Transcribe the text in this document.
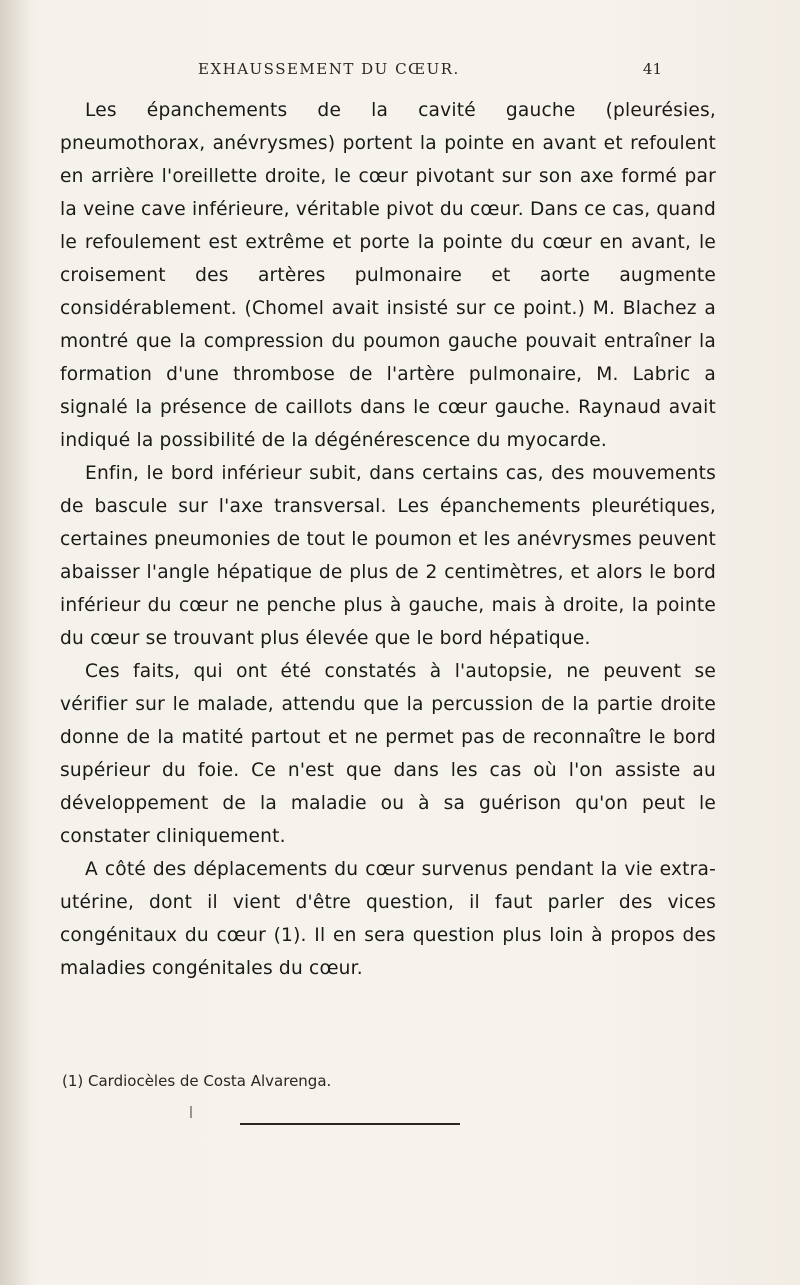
EXHAUSSEMENT DU CŒUR.	41

Les épanchements de la cavité gauche (pleurésies, pneumothorax, anévrysmes) portent la pointe en avant et refoulent en arrière l'oreillette droite, le cœur pivotant sur son axe formé par la veine cave inférieure, véritable pivot du cœur. Dans ce cas, quand le refoulement est extrême et porte la pointe du cœur en avant, le croisement des artères pulmonaire et aorte augmente considérablement. (Chomel avait insisté sur ce point.) M. Blachez a montré que la compression du poumon gauche pouvait entraîner la formation d'une thrombose de l'artère pulmonaire, M. Labric a signalé la présence de caillots dans le cœur gauche. Raynaud avait indiqué la possibilité de la dégénérescence du myocarde.

Enfin, le bord inférieur subit, dans certains cas, des mouvements de bascule sur l'axe transversal. Les épanchements pleurétiques, certaines pneumonies de tout le poumon et les anévrysmes peuvent abaisser l'angle hépatique de plus de 2 centimètres, et alors le bord inférieur du cœur ne penche plus à gauche, mais à droite, la pointe du cœur se trouvant plus élevée que le bord hépatique.

Ces faits, qui ont été constatés à l'autopsie, ne peuvent se vérifier sur le malade, attendu que la percussion de la partie droite donne de la matité partout et ne permet pas de reconnaître le bord supérieur du foie. Ce n'est que dans les cas où l'on assiste au développement de la maladie ou à sa guérison qu'on peut le constater cliniquement.

A côté des déplacements du cœur survenus pendant la vie extra-utérine, dont il vient d'être question, il faut parler des vices congénitaux du cœur (1). Il en sera question plus loin à propos des maladies congénitales du cœur.

(1) Cardiocèles de Costa Alvarenga.
